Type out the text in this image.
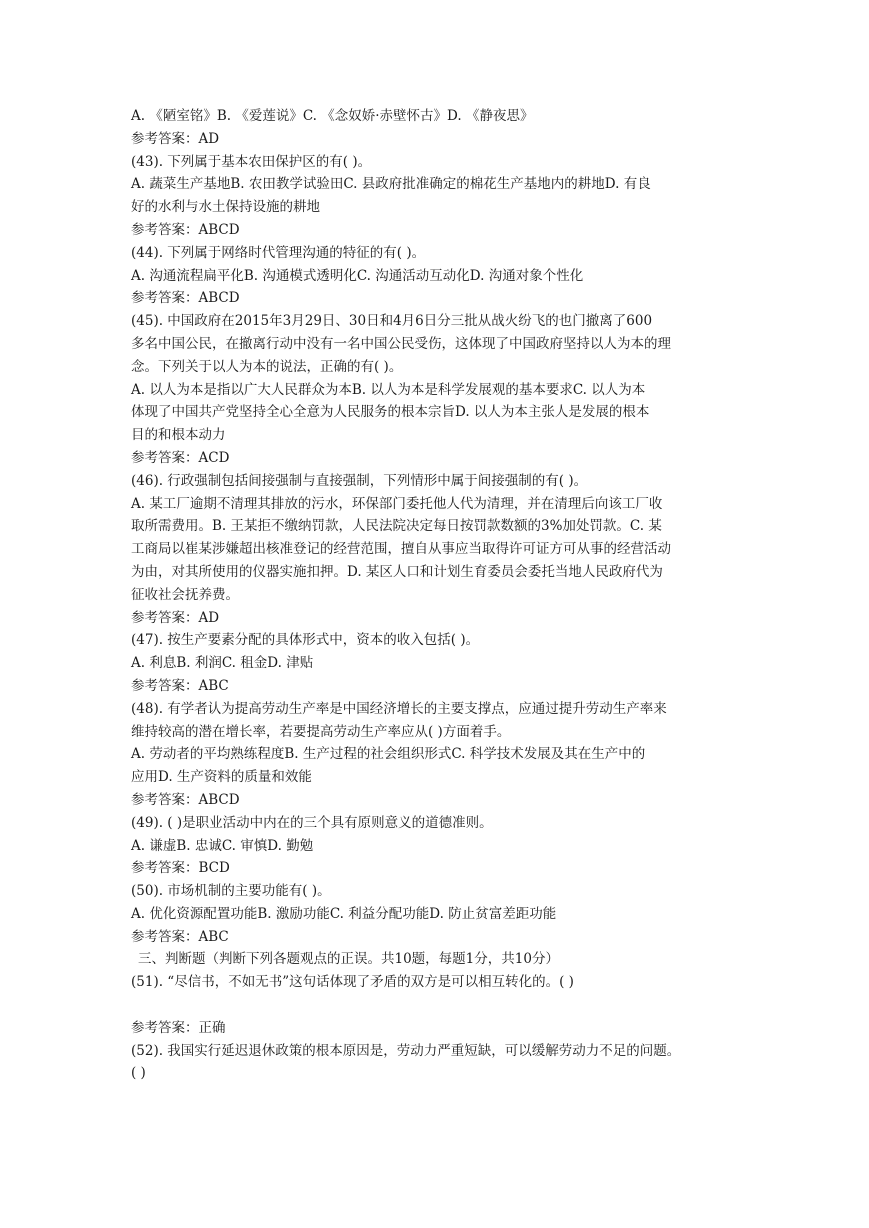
A. 《陋室铭》B. 《爱莲说》C. 《念奴娇·赤壁怀古》D. 《静夜思》

参考答案：AD

(43). 下列属于基本农田保护区的有( )。

A. 蔬菜生产基地B. 农田教学试验田C. 县政府批准确定的棉花生产基地内的耕地D. 有良

好的水利与水土保持设施的耕地

参考答案：ABCD

(44). 下列属于网络时代管理沟通的特征的有( )。

A. 沟通流程扁平化B. 沟通模式透明化C. 沟通活动互动化D. 沟通对象个性化

参考答案：ABCD

(45). 中国政府在2015年3月29日、30日和4月6日分三批从战火纷飞的也门撤离了600

多名中国公民，在撤离行动中没有一名中国公民受伤，这体现了中国政府坚持以人为本的理

念。下列关于以人为本的说法，正确的有( )。

A. 以人为本是指以广大人民群众为本B. 以人为本是科学发展观的基本要求C. 以人为本

体现了中国共产党坚持全心全意为人民服务的根本宗旨D. 以人为本主张人是发展的根本

目的和根本动力

参考答案：ACD

(46). 行政强制包括间接强制与直接强制，下列情形中属于间接强制的有( )。

A. 某工厂逾期不清理其排放的污水，环保部门委托他人代为清理，并在清理后向该工厂收

取所需费用。B. 王某拒不缴纳罚款，人民法院决定每日按罚款数额的3%加处罚款。C. 某

工商局以崔某涉嫌超出核准登记的经营范围，擅自从事应当取得许可证方可从事的经营活动

为由，对其所使用的仪器实施扣押。D. 某区人口和计划生育委员会委托当地人民政府代为

征收社会抚养费。

参考答案：AD

(47). 按生产要素分配的具体形式中，资本的收入包括( )。

A. 利息B. 利润C. 租金D. 津贴

参考答案：ABC

(48). 有学者认为提高劳动生产率是中国经济增长的主要支撑点，应通过提升劳动生产率来

维持较高的潜在增长率，若要提高劳动生产率应从( )方面着手。

A. 劳动者的平均熟练程度B. 生产过程的社会组织形式C. 科学技术发展及其在生产中的

应用D. 生产资料的质量和效能

参考答案：ABCD

(49). ( )是职业活动中内在的三个具有原则意义的道德准则。

A. 谦虚B. 忠诚C. 审慎D. 勤勉

参考答案：BCD

(50). 市场机制的主要功能有( )。

A. 优化资源配置功能B. 激励功能C. 利益分配功能D. 防止贫富差距功能

参考答案：ABC

三、判断题（判断下列各题观点的正误。共10题，每题1分，共10分）

(51). “尽信书，不如无书”这句话体现了矛盾的双方是可以相互转化的。( )

参考答案：正确

(52). 我国实行延迟退休政策的根本原因是，劳动力严重短缺，可以缓解劳动力不足的问题。

( )
